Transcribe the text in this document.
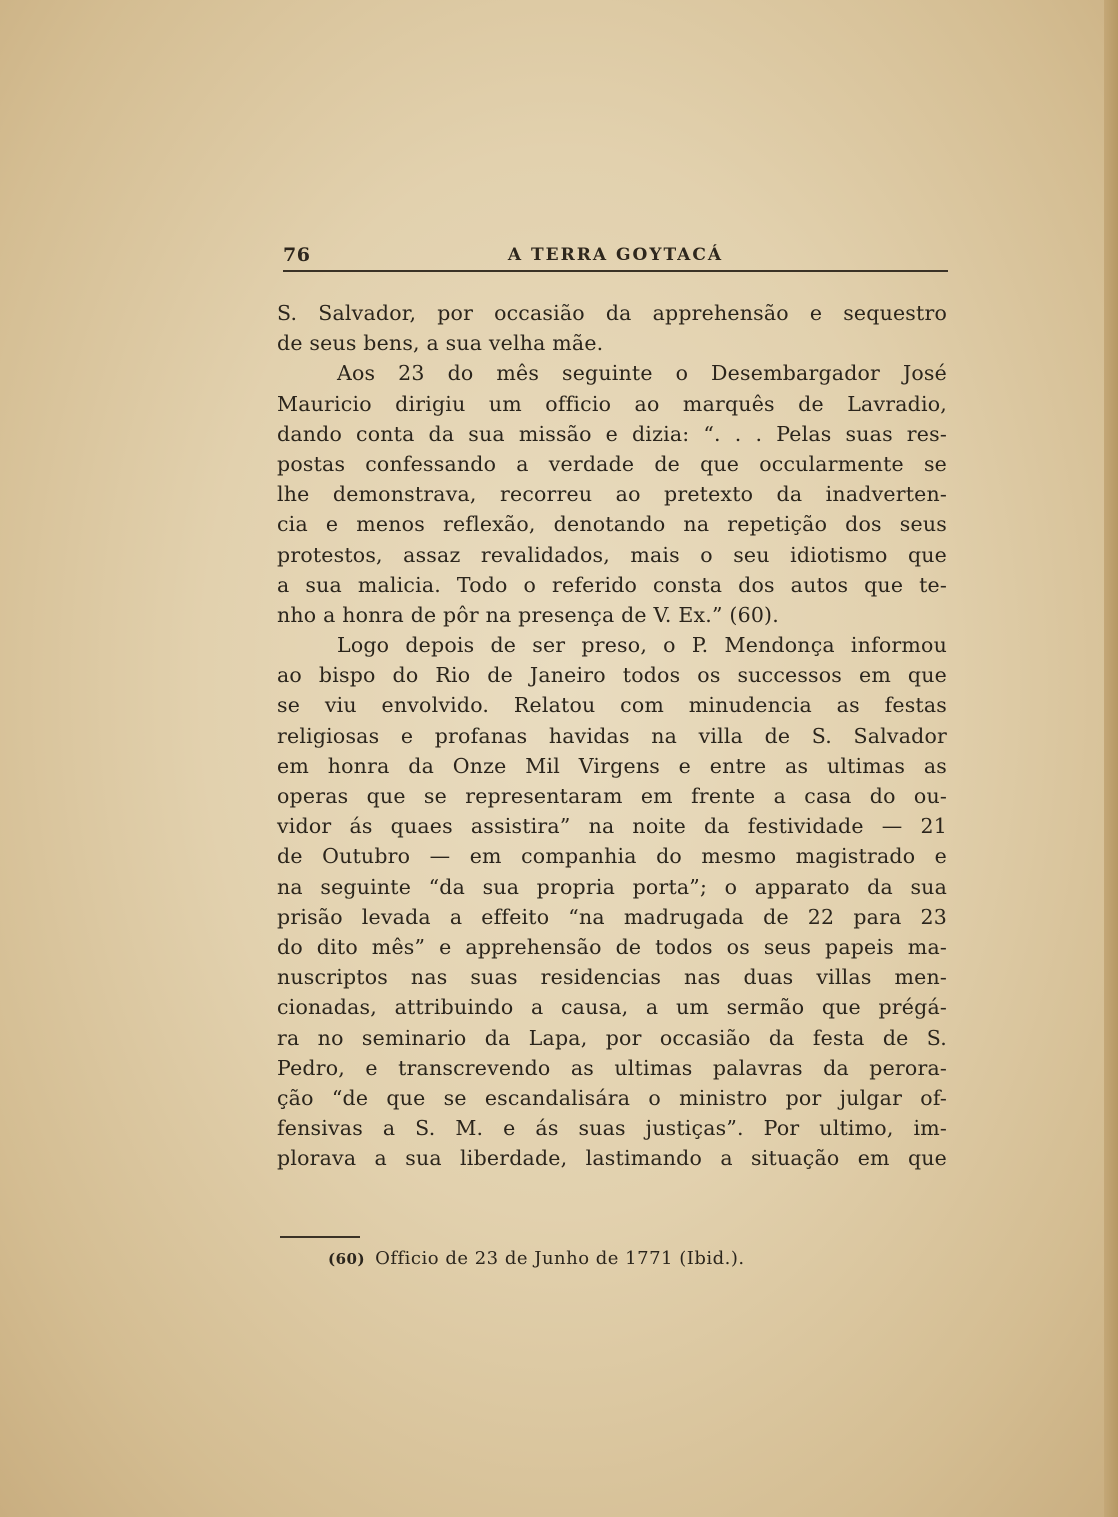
76	A TERRA GOYTACÁ
S. Salvador, por occasião da apprehensão e sequestro
de seus bens, a sua velha mãe.
Aos 23 do mês seguinte o Desembargador José
Mauricio dirigiu um officio ao marquês de Lavradio,
dando conta da sua missão e dizia: “. . . Pelas suas res-
postas confessando a verdade de que occularmente se
lhe demonstrava, recorreu ao pretexto da inadverten-
cia e menos reflexão, denotando na repetição dos seus
protestos, assaz revalidados, mais o seu idiotismo que
a sua malicia. Todo o referido consta dos autos que te-
nho a honra de pôr na presença de V. Ex.” (60).
Logo depois de ser preso, o P. Mendonça informou
ao bispo do Rio de Janeiro todos os successos em que
se viu envolvido. Relatou com minudencia as festas
religiosas e profanas havidas na villa de S. Salvador
em honra da Onze Mil Virgens e entre as ultimas as
operas que se representaram em frente a casa do ou-
vidor ás quaes assistira” na noite da festividade — 21
de Outubro — em companhia do mesmo magistrado e
na seguinte “da sua propria porta”; o apparato da sua
prisão levada a effeito “na madrugada de 22 para 23
do dito mês” e apprehensão de todos os seus papeis ma-
nuscriptos nas suas residencias nas duas villas men-
cionadas, attribuindo a causa, a um sermão que prégá-
ra no seminario da Lapa, por occasião da festa de S.
Pedro, e transcrevendo as ultimas palavras da perora-
ção “de que se escandalisára o ministro por julgar of-
fensivas a S. M. e ás suas justiças”. Por ultimo, im-
plorava a sua liberdade, lastimando a situação em que
(60) Officio de 23 de Junho de 1771 (Ibid.).
